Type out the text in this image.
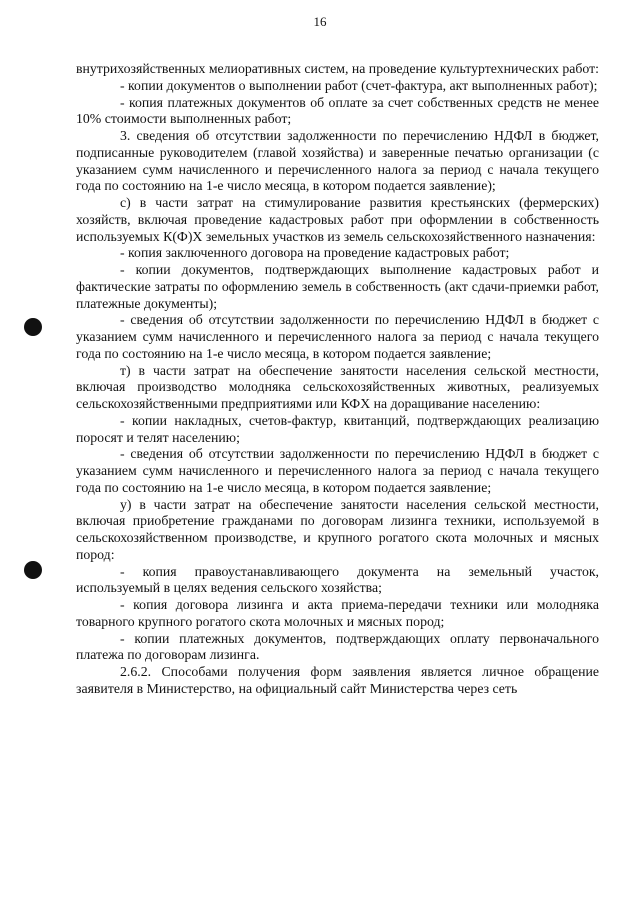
16

внутрихозяйственных мелиоративных систем, на проведение культуртехнических работ:

- копии документов о выполнении работ (счет-фактура, акт выполненных работ);

- копия платежных документов об оплате за счет собственных средств не менее 10% стоимости выполненных работ;

3. сведения об отсутствии задолженности по перечислению НДФЛ в бюджет, подписанные руководителем (главой хозяйства) и заверенные печатью организации (с указанием сумм начисленного и перечисленного налога за период с начала текущего года по состоянию на 1-е число месяца, в котором подается заявление);

с) в части затрат на стимулирование развития крестьянских (фермерских) хозяйств, включая проведение кадастровых работ при оформлении в собственность используемых К(Ф)Х земельных участков из земель сельскохозяйственного назначения:

- копия заключенного договора на проведение кадастровых работ;

- копии документов, подтверждающих выполнение кадастровых работ и фактические затраты по оформлению земель в собственность (акт сдачи-приемки работ, платежные документы);

- сведения об отсутствии задолженности по перечислению НДФЛ в бюджет с указанием сумм начисленного и перечисленного налога за период с начала текущего года по состоянию на 1-е число месяца, в котором подается заявление;

т) в части затрат на обеспечение занятости населения сельской местности, включая производство молодняка сельскохозяйственных животных, реализуемых сельскохозяйственными предприятиями или КФХ на доращивание населению:

- копии накладных, счетов-фактур, квитанций, подтверждающих реализацию поросят и телят населению;

- сведения об отсутствии задолженности по перечислению НДФЛ в бюджет с указанием сумм начисленного и перечисленного налога за период с начала текущего года по состоянию на 1-е число месяца, в котором подается заявление;

у) в части затрат на обеспечение занятости населения сельской местности, включая приобретение гражданами по договорам лизинга техники, используемой в сельскохозяйственном производстве, и крупного рогатого скота молочных и мясных пород:

- копия правоустанавливающего документа на земельный участок, используемый в целях ведения сельского хозяйства;

- копия договора лизинга и акта приема-передачи техники или молодняка товарного крупного рогатого скота молочных и мясных пород;

- копии платежных документов, подтверждающих оплату первоначального платежа по договорам лизинга.

2.6.2. Способами получения форм заявления является личное обращение заявителя в Министерство, на официальный сайт Министерства через сеть
